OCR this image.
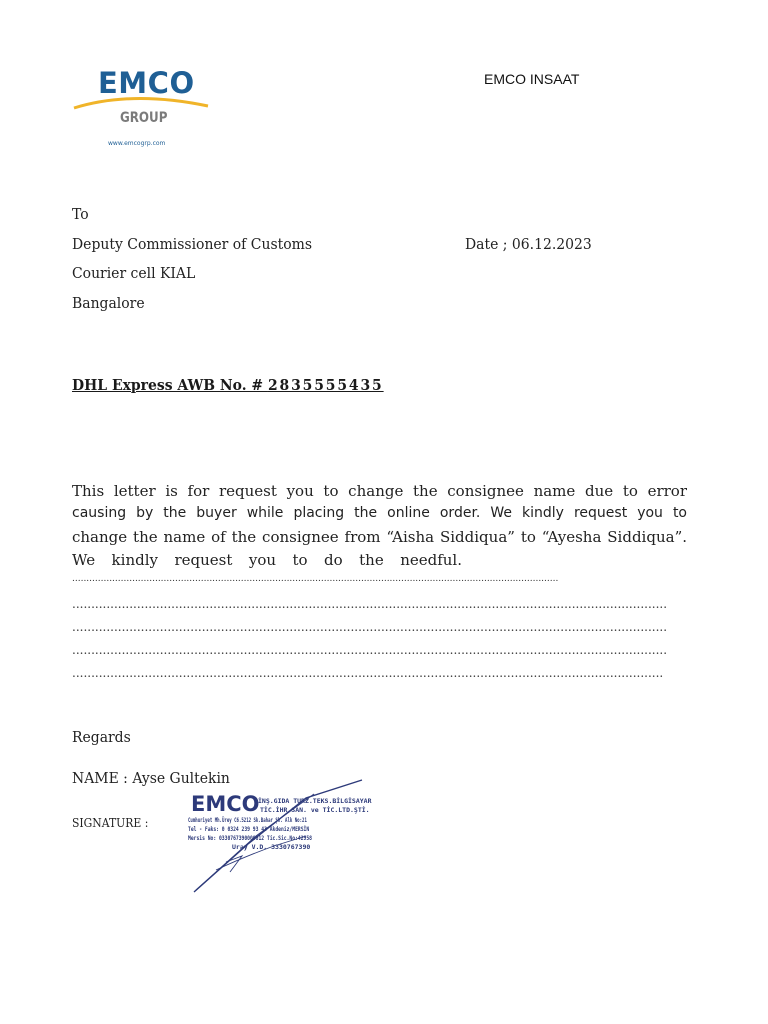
EMCO
GROUP
www.emcogrp.com
EMCO INSAAT
To
Deputy Commissioner of Customs	Date ; 06.12.2023
Courier cell KIAL
Bangalore
DHL Express AWB No. # 2835555435
This letter is for request you to change the consignee name due to error
causing by the buyer while placing the online order. We kindly request you to
change the name of the consignee from “Aisha Siddiqua” to “Ayesha Siddiqua”.
We kindly request you to do the needful.
..........................................................................................................................................................................
............................................................................................................................................................
............................................................................................................................................................
............................................................................................................................................................
...........................................................................................................................................................
Regards
NAME : Ayse Gultekin
SIGNATURE :
EMCO
İNŞ.GIDA TURZ.TEKS.BİLGİSAYAR
TİC.İHR.SAN. ve TİC.LTD.ŞTİ.
Cumhuriyet Mh.Ürey C6.5212 Sk.Bahar Şh. Alk No:21
Tel - Faks: 0 0324 239 93 43 Akdeniz/MERSİN
Mersis No: 0330767390000012 Tic.Sic.No:42958
Uray V.D. 3330767390
